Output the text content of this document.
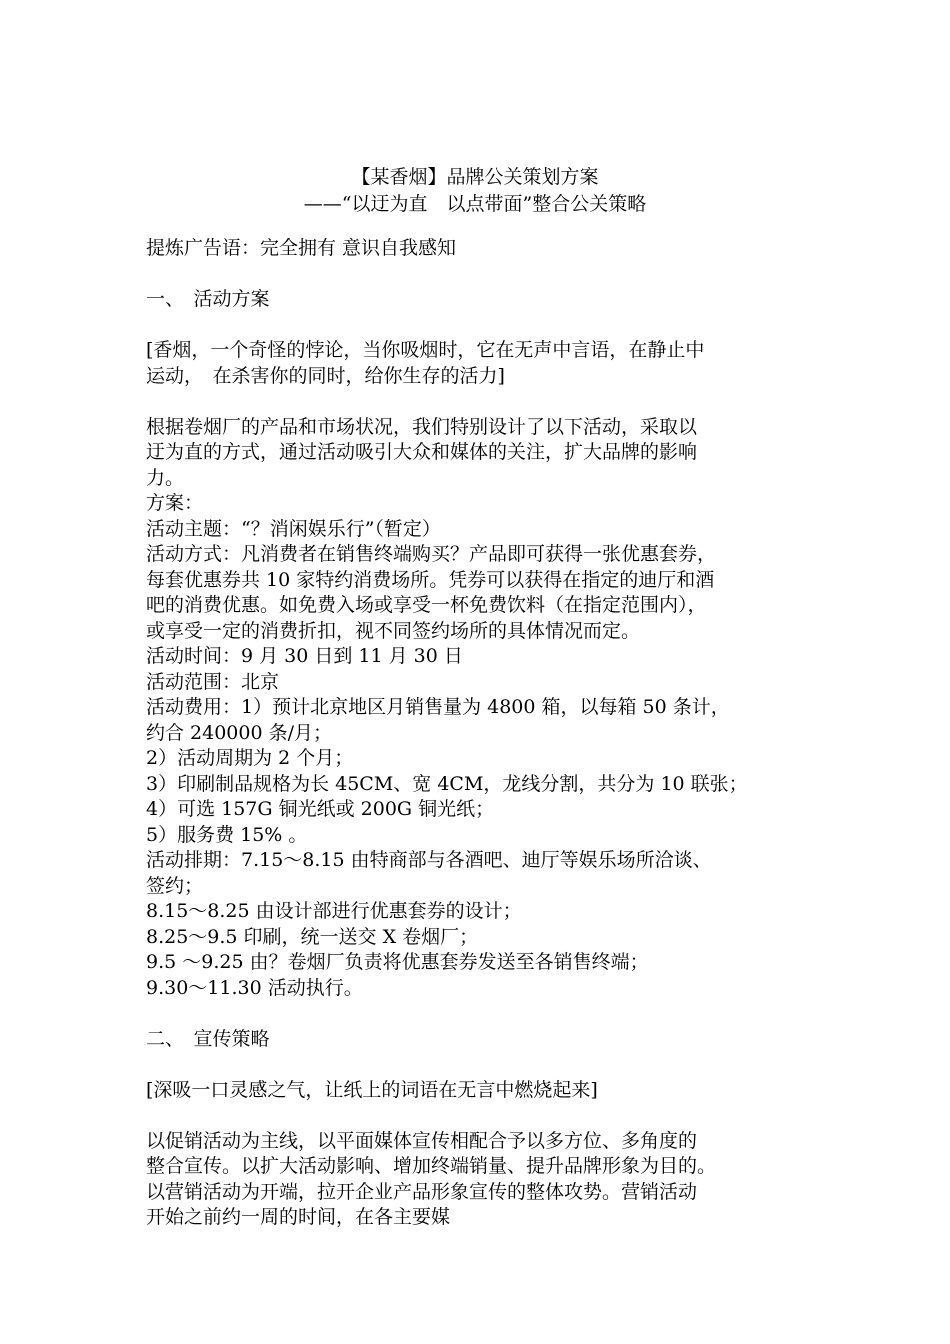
【某香烟】品牌公关策划方案
——“以迂为直　以点带面”整合公关策略
提炼广告语：完全拥有 意识自我感知
一、　活动方案
[香烟，一个奇怪的悖论，当你吸烟时，它在无声中言语，在静止中
运动，　在杀害你的同时，给你生存的活力]
根据卷烟厂的产品和市场状况，我们特别设计了以下活动，采取以
迂为直的方式，通过活动吸引大众和媒体的关注，扩大品牌的影响
力。
方案：
活动主题：“？消闲娱乐行”（暂定）
活动方式：凡消费者在销售终端购买？产品即可获得一张优惠套券，
每套优惠券共 10 家特约消费场所。凭券可以获得在指定的迪厅和酒
吧的消费优惠。如免费入场或享受一杯免费饮料（在指定范围内），
或享受一定的消费折扣，视不同签约场所的具体情况而定。
活动时间：9 月 30 日到 11 月 30 日
活动范围：北京
活动费用：1）预计北京地区月销售量为 4800 箱，以每箱 50 条计，
约合 240000 条/月；
2）活动周期为 2 个月；
3）印刷制品规格为长 45CM、宽 4CM，龙线分割，共分为 10 联张；
4）可选 157G 铜光纸或 200G 铜光纸；
5）服务费 15% 。
活动排期：7.15～8.15 由特商部与各酒吧、迪厅等娱乐场所洽谈、
签约；
8.15～8.25 由设计部进行优惠套券的设计；
8.25～9.5 印刷，统一送交 X 卷烟厂；
9.5 ～9.25 由？卷烟厂负责将优惠套券发送至各销售终端；
9.30～11.30 活动执行。
二、　宣传策略
[深吸一口灵感之气，让纸上的词语在无言中燃烧起来]
以促销活动为主线，以平面媒体宣传相配合予以多方位、多角度的
整合宣传。以扩大活动影响、增加终端销量、提升品牌形象为目的。
以营销活动为开端，拉开企业产品形象宣传的整体攻势。营销活动
开始之前约一周的时间，在各主要媒
